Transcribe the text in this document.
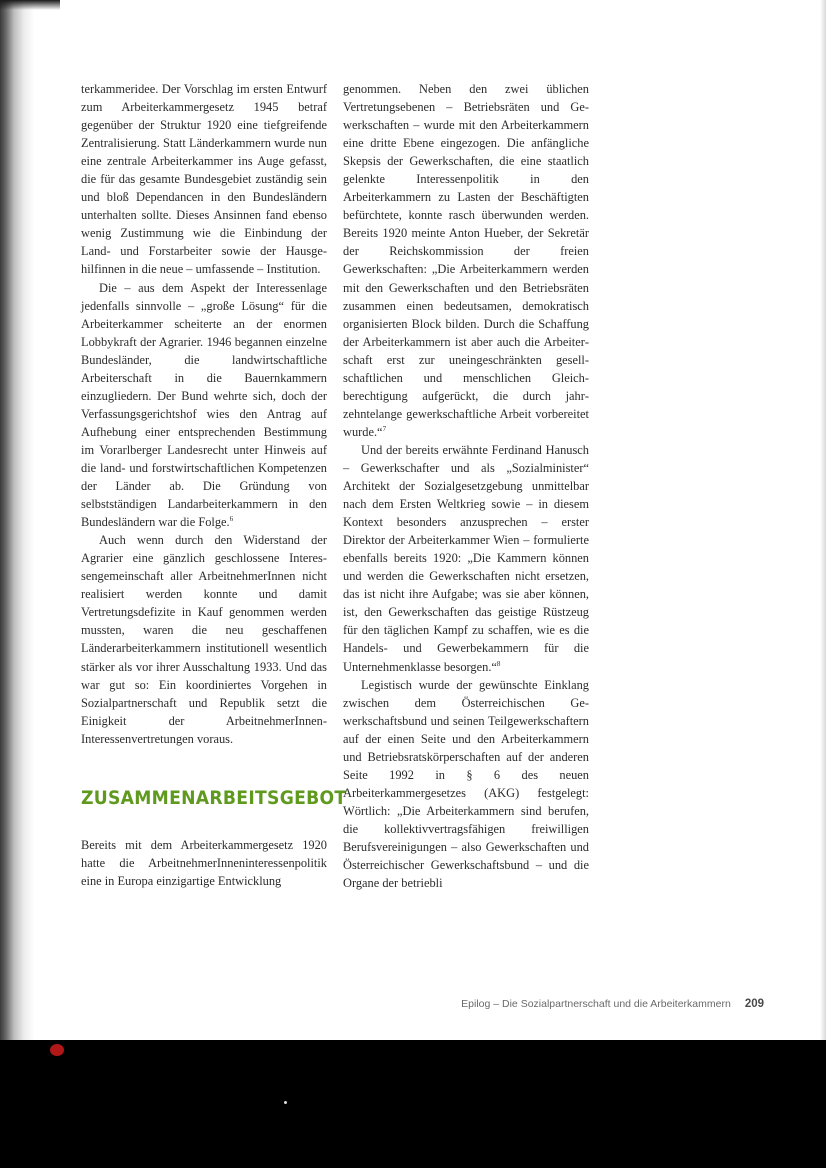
terkammeridee. Der Vorschlag im ersten Entwurf zum Arbeiterkammergesetz 1945 betraf gegenüber der Struktur 1920 eine tiefgreifende Zentralisierung. Statt Länderkammern wurde nun eine zentrale Arbeiterkammer ins Auge gefasst, die für das gesamte Bundesgebiet zuständig sein und bloß Dependancen in den Bundesländern unterhalten sollte. Dieses Ansinnen fand ebenso wenig Zustimmung wie die Einbindung der Land- und Forstarbeiter sowie der Hausgehilfinnen in die neue – umfassende – Institution.

Die – aus dem Aspekt der Interessenlage jedenfalls sinnvolle – „große Lösung“ für die Arbeiterkammer scheiterte an der enormen Lobbykraft der Agrarier. 1946 begannen einzelne Bundesländer, die landwirtschaftliche Arbeiterschaft in die Bauernkammern einzugliedern. Der Bund wehrte sich, doch der Verfassungsgerichtshof wies den Antrag auf Aufhebung einer entsprechenden Bestimmung im Vorarlberger Landesrecht unter Hinweis auf die land- und forstwirtschaftlichen Kompetenzen der Länder ab. Die Gründung von selbstständigen Landarbeiterkammern in den Bundesländern war die Folge.$^6$

Auch wenn durch den Widerstand der Agrarier eine gänzlich geschlossene Interessengemeinschaft aller ArbeitnehmerInnen nicht realisiert werden konnte und damit Vertretungsdefizite in Kauf genommen werden mussten, waren die neu geschaffenen Länderarbeiterkammern institutionell wesentlich stärker als vor ihrer Ausschaltung 1933. Und das war gut so: Ein koordiniertes Vorgehen in Sozialpartnerschaft und Republik setzt die Einigkeit der ArbeitnehmerInnen-Interessenvertretungen voraus.

ZUSAMMENARBEITSGEBOT

Bereits mit dem Arbeiterkammergesetz 1920 hatte die ArbeitnehmerInneninteressenpolitik eine in Europa einzigartige Entwicklung

genommen. Neben den zwei üblichen Vertretungsebenen – Betriebsräten und Gewerkschaften – wurde mit den Arbeiterkammern eine dritte Ebene eingezogen. Die anfängliche Skepsis der Gewerkschaften, die eine staatlich gelenkte Interessenpolitik in den Arbeiterkammern zu Lasten der Beschäftigten befürchtete, konnte rasch überwunden werden. Bereits 1920 meinte Anton Hueber, der Sekretär der Reichskommission der freien Gewerkschaften: „Die Arbeiterkammern werden mit den Gewerkschaften und den Betriebsräten zusammen einen bedeutsamen, demokratisch organisierten Block bilden. Durch die Schaffung der Arbeiterkammern ist aber auch die Arbeiterschaft erst zur uneingeschränkten gesellschaftlichen und menschlichen Gleichberechtigung aufgerückt, die durch jahrzehntelange gewerkschaftliche Arbeit vorbereitet wurde.“$^7$

Und der bereits erwähnte Ferdinand Hanusch – Gewerkschafter und als „Sozialminister“ Architekt der Sozialgesetzgebung unmittelbar nach dem Ersten Weltkrieg sowie – in diesem Kontext besonders anzusprechen – erster Direktor der Arbeiterkammer Wien – formulierte ebenfalls bereits 1920: „Die Kammern können und werden die Gewerkschaften nicht ersetzen, das ist nicht ihre Aufgabe; was sie aber können, ist, den Gewerkschaften das geistige Rüstzeug für den täglichen Kampf zu schaffen, wie es die Handels- und Gewerbekammern für die Unternehmenklasse besorgen.“$^8$

Legistisch wurde der gewünschte Einklang zwischen dem Österreichischen Gewerkschaftsbund und seinen Teilgewerkschaftern auf der einen Seite und den Arbeiterkammern und Betriebsratskörperschaften auf der anderen Seite 1992 in § 6 des neuen Arbeiterkammergesetzes (AKG) festgelegt: Wörtlich: „Die Arbeiterkammern sind berufen, die kollektivvertragsfähigen freiwilligen Berufsvereinigungen – also Gewerkschaften und Österreichischer Gewerkschaftsbund – und die Organe der betriebli

Epilog – Die Sozialpartnerschaft und die Arbeiterkammern 209
